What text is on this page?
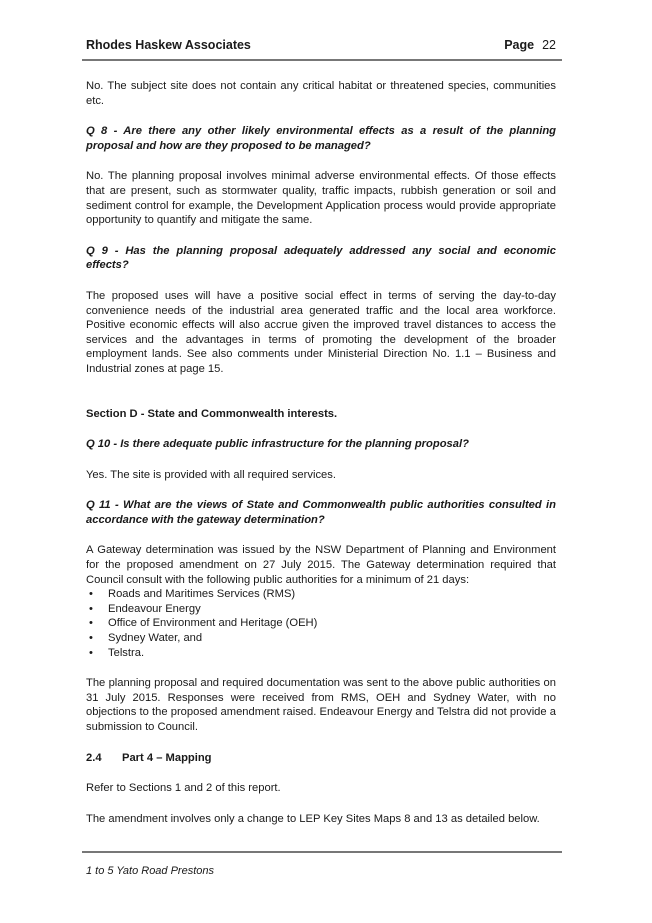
Rhodes Haskew Associates	Page 22

No. The subject site does not contain any critical habitat or threatened species, communities etc.

Q 8 - Are there any other likely environmental effects as a result of the planning proposal and how are they proposed to be managed?

No. The planning proposal involves minimal adverse environmental effects. Of those effects that are present, such as stormwater quality, traffic impacts, rubbish generation or soil and sediment control for example, the Development Application process would provide appropriate opportunity to quantify and mitigate the same.

Q 9 - Has the planning proposal adequately addressed any social and economic effects?

The proposed uses will have a positive social effect in terms of serving the day-to-day convenience needs of the industrial area generated traffic and the local area workforce. Positive economic effects will also accrue given the improved travel distances to access the services and the advantages in terms of promoting the development of the broader employment lands. See also comments under Ministerial Direction No. 1.1 – Business and Industrial zones at page 15.

Section D - State and Commonwealth interests.

Q 10 - Is there adequate public infrastructure for the planning proposal?

Yes. The site is provided with all required services.

Q 11 - What are the views of State and Commonwealth public authorities consulted in accordance with the gateway determination?

A Gateway determination was issued by the NSW Department of Planning and Environment for the proposed amendment on 27 July 2015. The Gateway determination required that Council consult with the following public authorities for a minimum of 21 days:

• Roads and Maritimes Services (RMS)
• Endeavour Energy
• Office of Environment and Heritage (OEH)
• Sydney Water, and
• Telstra.

The planning proposal and required documentation was sent to the above public authorities on 31 July 2015. Responses were received from RMS, OEH and Sydney Water, with no objections to the proposed amendment raised. Endeavour Energy and Telstra did not provide a submission to Council.

2.4 Part 4 – Mapping

Refer to Sections 1 and 2 of this report.

The amendment involves only a change to LEP Key Sites Maps 8 and 13 as detailed below.

1 to 5 Yato Road Prestons
